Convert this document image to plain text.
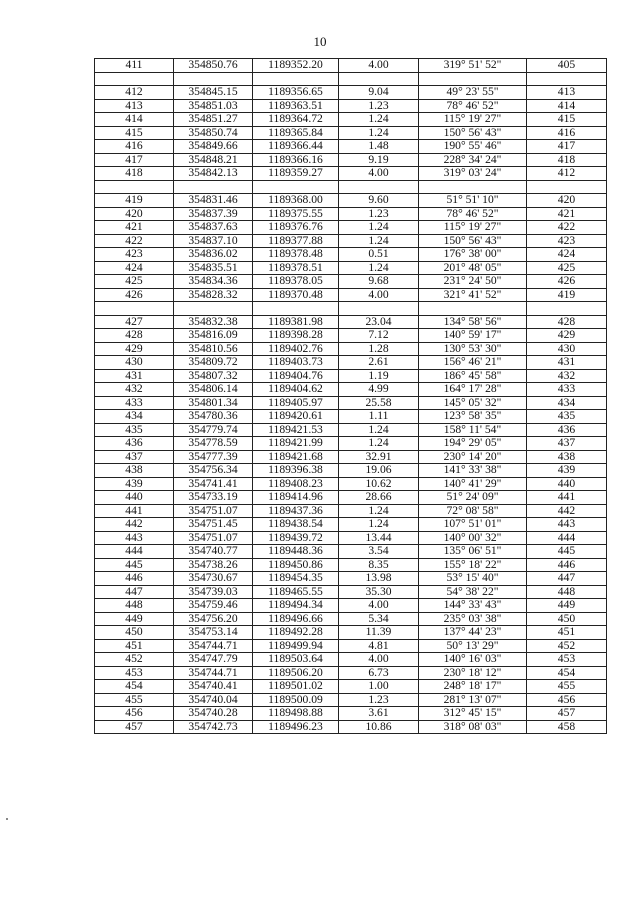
10
411	354850.76	1189352.20	4.00	319° 51' 52"	405

412	354845.15	1189356.65	9.04	49° 23' 55"	413
413	354851.03	1189363.51	1.23	78° 46' 52"	414
414	354851.27	1189364.72	1.24	115° 19' 27"	415
415	354850.74	1189365.84	1.24	150° 56' 43"	416
416	354849.66	1189366.44	1.48	190° 55' 46"	417
417	354848.21	1189366.16	9.19	228° 34' 24"	418
418	354842.13	1189359.27	4.00	319° 03' 24"	412

419	354831.46	1189368.00	9.60	51° 51' 10"	420
420	354837.39	1189375.55	1.23	78° 46' 52"	421
421	354837.63	1189376.76	1.24	115° 19' 27"	422
422	354837.10	1189377.88	1.24	150° 56' 43"	423
423	354836.02	1189378.48	0.51	176° 38' 00"	424
424	354835.51	1189378.51	1.24	201° 48' 05"	425
425	354834.36	1189378.05	9.68	231° 24' 50"	426
426	354828.32	1189370.48	4.00	321° 41' 52"	419

427	354832.38	1189381.98	23.04	134° 58' 56"	428
428	354816.09	1189398.28	7.12	140° 59' 17"	429
429	354810.56	1189402.76	1.28	130° 53' 30"	430
430	354809.72	1189403.73	2.61	156° 46' 21"	431
431	354807.32	1189404.76	1.19	186° 45' 58"	432
432	354806.14	1189404.62	4.99	164° 17' 28"	433
433	354801.34	1189405.97	25.58	145° 05' 32"	434
434	354780.36	1189420.61	1.11	123° 58' 35"	435
435	354779.74	1189421.53	1.24	158° 11' 54"	436
436	354778.59	1189421.99	1.24	194° 29' 05"	437
437	354777.39	1189421.68	32.91	230° 14' 20"	438
438	354756.34	1189396.38	19.06	141° 33' 38"	439
439	354741.41	1189408.23	10.62	140° 41' 29"	440
440	354733.19	1189414.96	28.66	51° 24' 09"	441
441	354751.07	1189437.36	1.24	72° 08' 58"	442
442	354751.45	1189438.54	1.24	107° 51' 01"	443
443	354751.07	1189439.72	13.44	140° 00' 32"	444
444	354740.77	1189448.36	3.54	135° 06' 51"	445
445	354738.26	1189450.86	8.35	155° 18' 22"	446
446	354730.67	1189454.35	13.98	53° 15' 40"	447
447	354739.03	1189465.55	35.30	54° 38' 22"	448
448	354759.46	1189494.34	4.00	144° 33' 43"	449
449	354756.20	1189496.66	5.34	235° 03' 38"	450
450	354753.14	1189492.28	11.39	137° 44' 23"	451
451	354744.71	1189499.94	4.81	50° 13' 29"	452
452	354747.79	1189503.64	4.00	140° 16' 03"	453
453	354744.71	1189506.20	6.73	230° 18' 12"	454
454	354740.41	1189501.02	1.00	248° 18' 17"	455
455	354740.04	1189500.09	1.23	281° 13' 07"	456
456	354740.28	1189498.88	3.61	312° 45' 15"	457
457	354742.73	1189496.23	10.86	318° 08' 03"	458
